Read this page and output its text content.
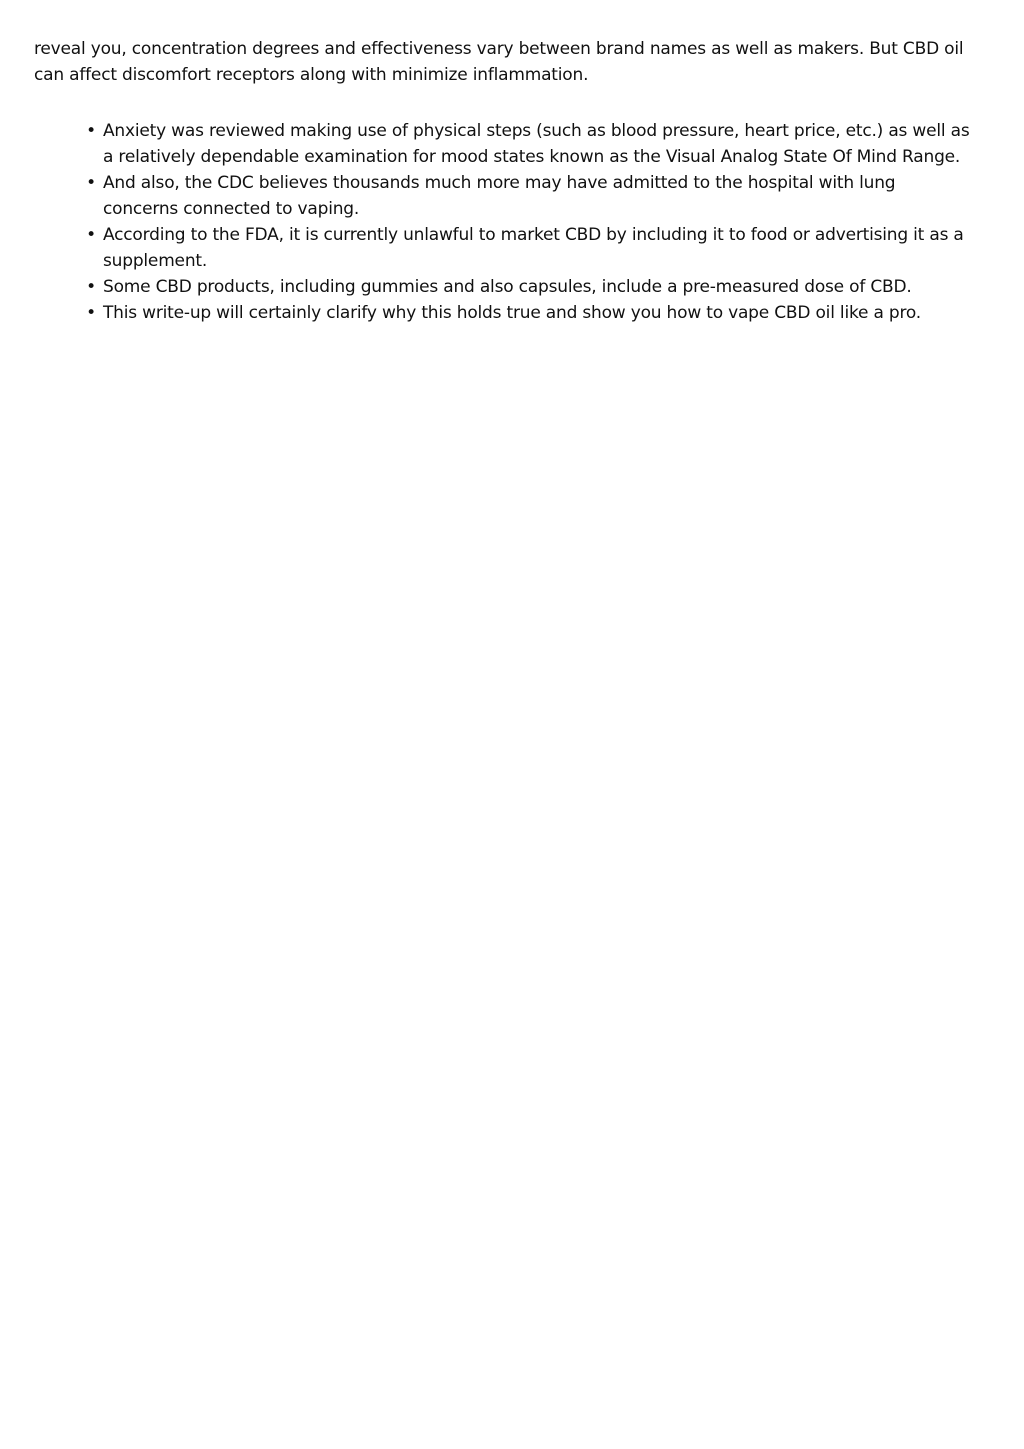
reveal you, concentration degrees and effectiveness vary between brand names as well as makers. But CBD oil can affect discomfort receptors along with minimize inflammation.

• Anxiety was reviewed making use of physical steps (such as blood pressure, heart price, etc.) as well as a relatively dependable examination for mood states known as the Visual Analog State Of Mind Range.
• And also, the CDC believes thousands much more may have admitted to the hospital with lung concerns connected to vaping.
• According to the FDA, it is currently unlawful to market CBD by including it to food or advertising it as a supplement.
• Some CBD products, including gummies and also capsules, include a pre-measured dose of CBD.
• This write-up will certainly clarify why this holds true and show you how to vape CBD oil like a pro.
